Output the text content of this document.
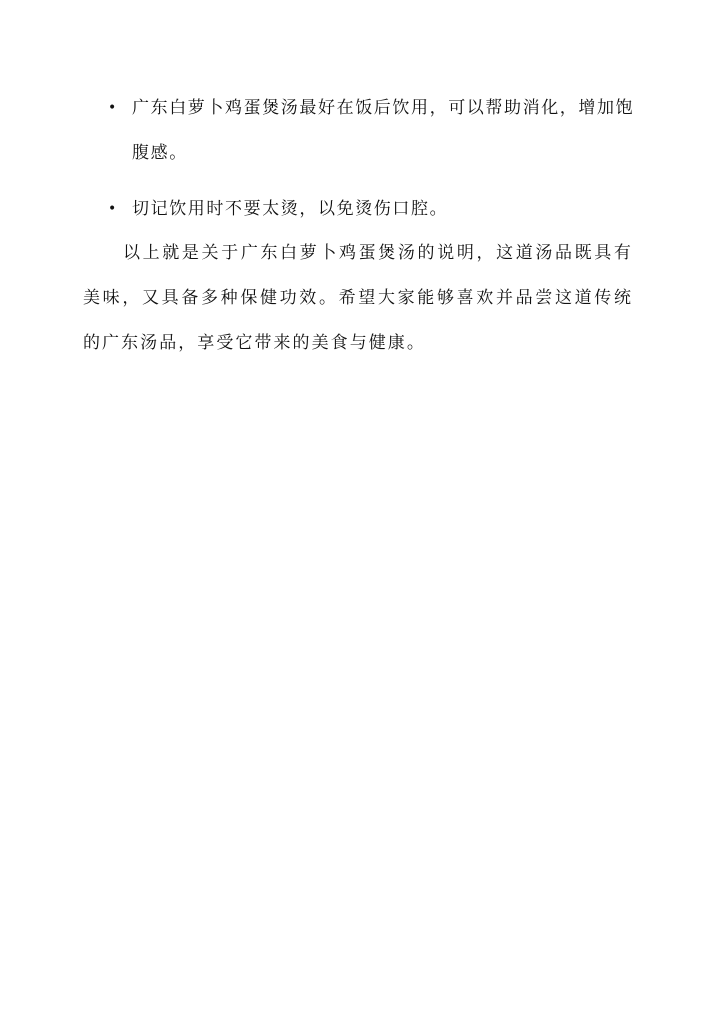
• 广东白萝卜鸡蛋煲汤最好在饭后饮用，可以帮助消化，增加饱腹感。
• 切记饮用时不要太烫，以免烫伤口腔。

以上就是关于广东白萝卜鸡蛋煲汤的说明，这道汤品既具有美味，又具备多种保健功效。希望大家能够喜欢并品尝这道传统的广东汤品，享受它带来的美食与健康。
